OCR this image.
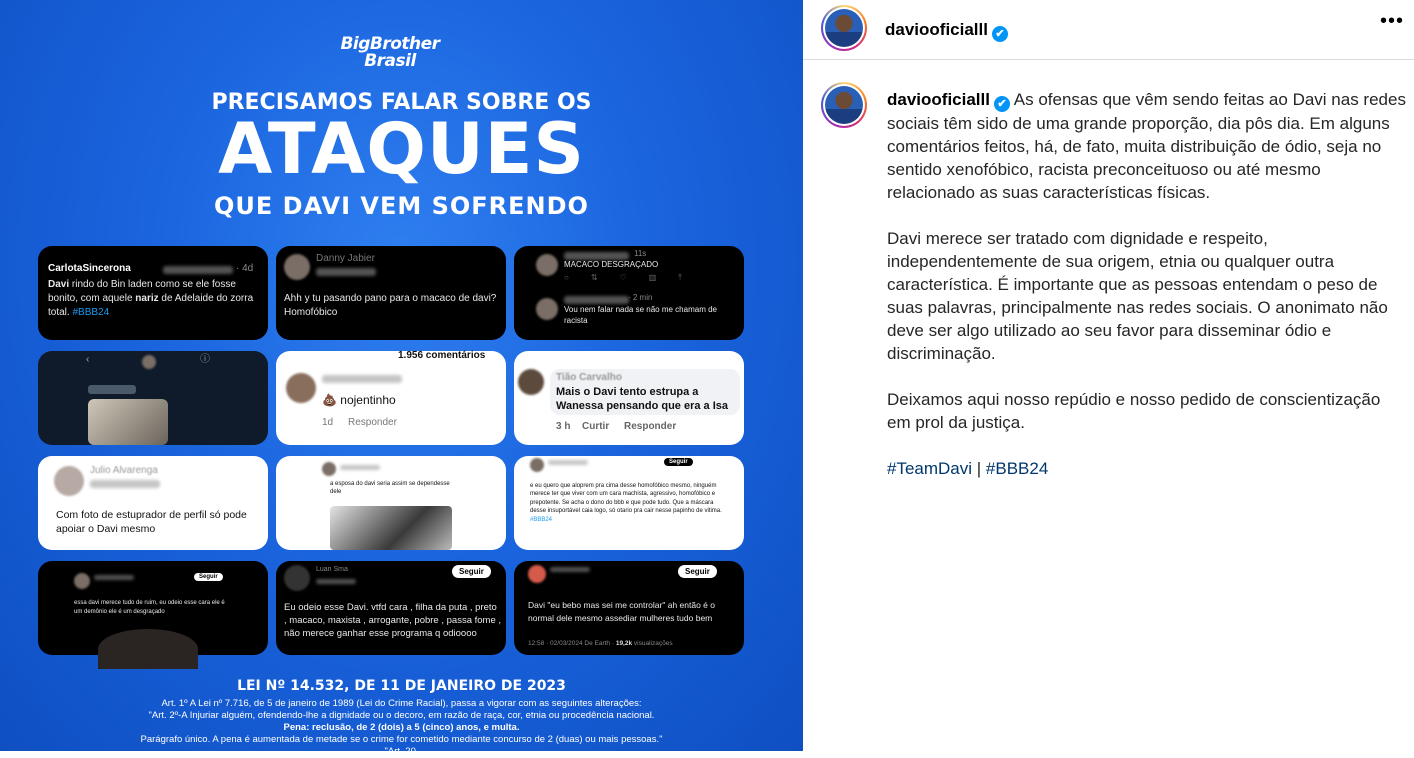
BigBrother
Brasil
PRECISAMOS FALAR SOBRE OS
ATAQUES
QUE DAVI VEM SOFRENDO
CarlotaSincerona	· 4d
Davi rindo do Bin laden como se ele fosse bonito, com aquele nariz de Adelaide do zorra total. #BBB24
Danny Jabier
Ahh y tu pasando pano para o macaco de davi? Homofóbico
11s
MACACO DESGRAÇADO
○⇅♡▥⤒
· 2 min
Vou nem falar nada se não me chamam de racista
‹	ⓘ	1.956 comentários
💩 nojentinho
1d Responder
Tião Carvalho
Mais o Davi tento estrupa a Wanessa pensando que era a Isa
3 h Curtir Responder
Julio Alvarenga
Com foto de estuprador de perfil só pode apoiar o Davi mesmo
a esposa do davi seria assim se dependesse dele
Seguir
e eu quero que aloprem pra cima desse homofóbico mesmo, ninguém merece ter que viver com um cara machista, agressivo, homofóbico e prepotente. Se acha o dono do bbb e que pode tudo. Que a máscara desse insuportável caia logo, só otario pra cair nesse papinho de vitima. #BBB24
Seguir
essa davi merece tudo de ruim, eu odeio esse cara ele é um demônio ele é um desgraçado
Luan Sma	Seguir
Eu odeio esse Davi. vtfd cara , filha da puta , preto , macaco, maxista , arrogante, pobre , passa fome , não merece ganhar esse programa q odioooo
Seguir
Davi "eu bebo mas sei me controlar" ah então é o normal dele mesmo assediar mulheres tudo bem
12:58 · 02/03/2024 De Earth · 19,2k visualizações
LEI Nº 14.532, DE 11 DE JANEIRO DE 2023
Art. 1º A Lei nº 7.716, de 5 de janeiro de 1989 (Lei do Crime Racial), passa a vigorar com as seguintes alterações:
"Art. 2º-A Injuriar alguém, ofendendo-lhe a dignidade ou o decoro, em razão de raça, cor, etnia ou procedência nacional.
Pena: reclusão, de 2 (dois) a 5 (cinco) anos, e multa.
Parágrafo único. A pena é aumentada de metade se o crime for cometido mediante concurso de 2 (duas) ou mais pessoas."
"Art. 20.
daviooficialll ✔
•••

daviooficialll ✔ As ofensas que vêm sendo feitas ao Davi nas redes sociais têm sido de uma grande proporção, dia pôs dia. Em alguns comentários feitos, há, de fato, muita distribuição de ódio, seja no sentido xenofóbico, racista preconceituoso ou até mesmo relacionado as suas características físicas.

Davi merece ser tratado com dignidade e respeito, independentemente de sua origem, etnia ou qualquer outra característica. É importante que as pessoas entendam o peso de suas palavras, principalmente nas redes sociais. O anonimato não deve ser algo utilizado ao seu favor para disseminar ódio e discriminação.

Deixamos aqui nosso repúdio e nosso pedido de conscientização em prol da justiça.

#TeamDavi | #BBB24
